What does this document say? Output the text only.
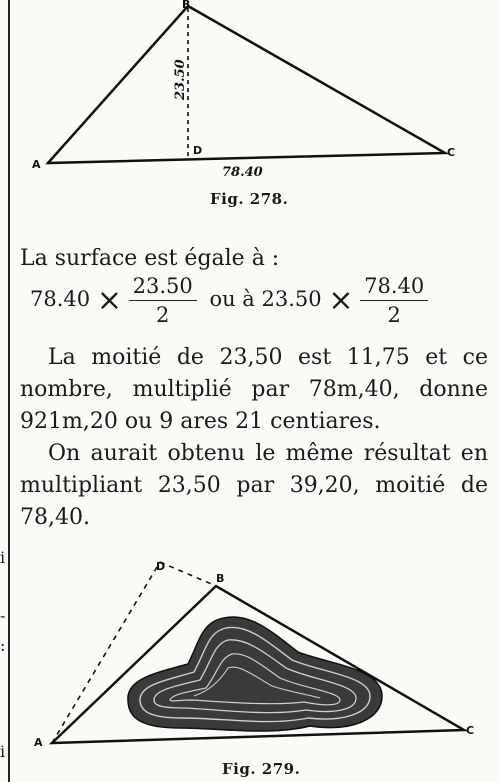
i
-
:
i
A
B
C
D
23.50
78.40
Fig. 278.
La surface est égale à :
$78.40 \times \frac{23.50}{2}$ ou à $23.50 \times \frac{78.40}{2}$

La moitié de 23,50 est 11,75 et ce nombre, multiplié par 78m,40, donne 921m,20 ou 9 ares 21 centiares.

On aurait obtenu le même résultat en multipliant 23,50 par 39,20, moitié de 78,40.

A
B
C
D
Fig. 279.
